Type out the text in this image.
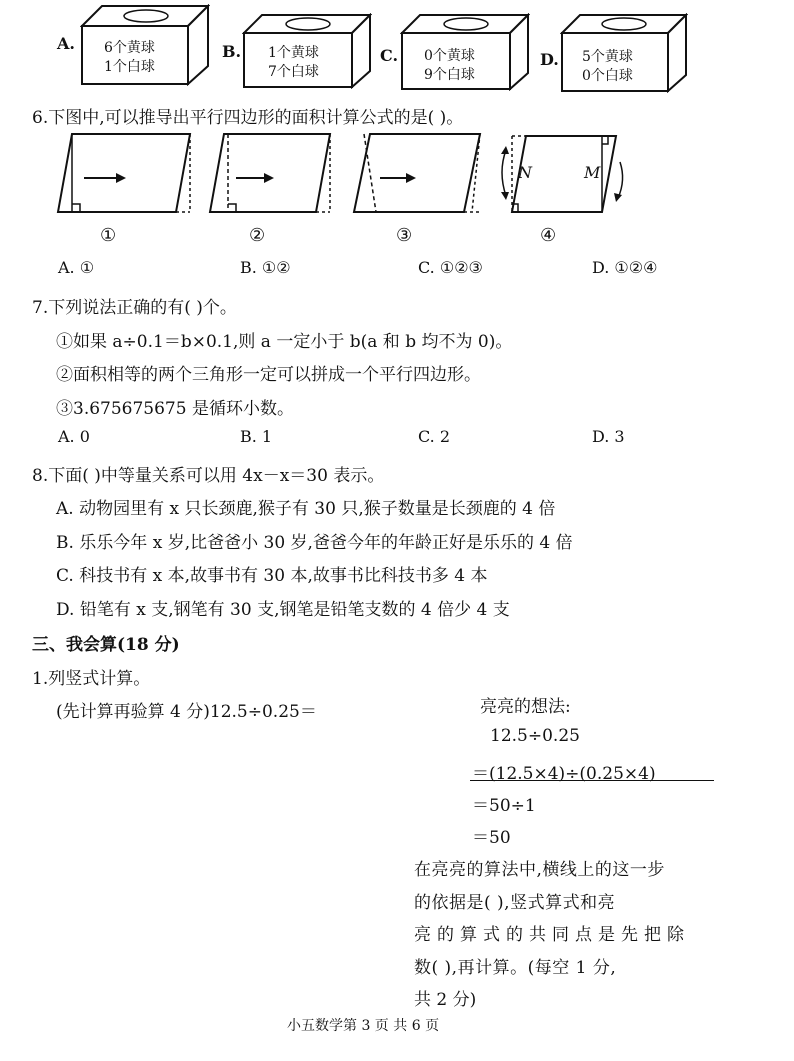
A. 6个黄球
1个白球
B. 1个黄球
7个白球
C. 0个黄球
9个白球
D. 5个黄球
0个白球
6.下图中,可以推导出平行四边形的面积计算公式的是( )。
N	M
①	②	③	④
A. ①	B. ①②	C. ①②③	D. ①②④
7.下列说法正确的有( )个。
①如果 a÷0.1＝b×0.1,则 a 一定小于 b(a 和 b 均不为 0)。
②面积相等的两个三角形一定可以拼成一个平行四边形。
③3.675675675 是循环小数。
A. 0	B. 1	C. 2	D. 3
8.下面( )中等量关系可以用 4x－x＝30 表示。
A. 动物园里有 x 只长颈鹿,猴子有 30 只,猴子数量是长颈鹿的 4 倍
B. 乐乐今年 x 岁,比爸爸小 30 岁,爸爸今年的年龄正好是乐乐的 4 倍
C. 科技书有 x 本,故事书有 30 本,故事书比科技书多 4 本
D. 铅笔有 x 支,钢笔有 30 支,钢笔是铅笔支数的 4 倍少 4 支
三、我会算(18 分)
1.列竖式计算。
(先计算再验算 4 分)12.5÷0.25＝	亮亮的想法:
12.5÷0.25
＝(12.5×4)÷(0.25×4)
＝50÷1
＝50
在亮亮的算法中,横线上的这一步
的依据是( ),竖式算式和亮
亮的算式的共同点是先把除
数( ),再计算。(每空 1 分,
共 2 分)
小五数学第 3 页 共 6 页
